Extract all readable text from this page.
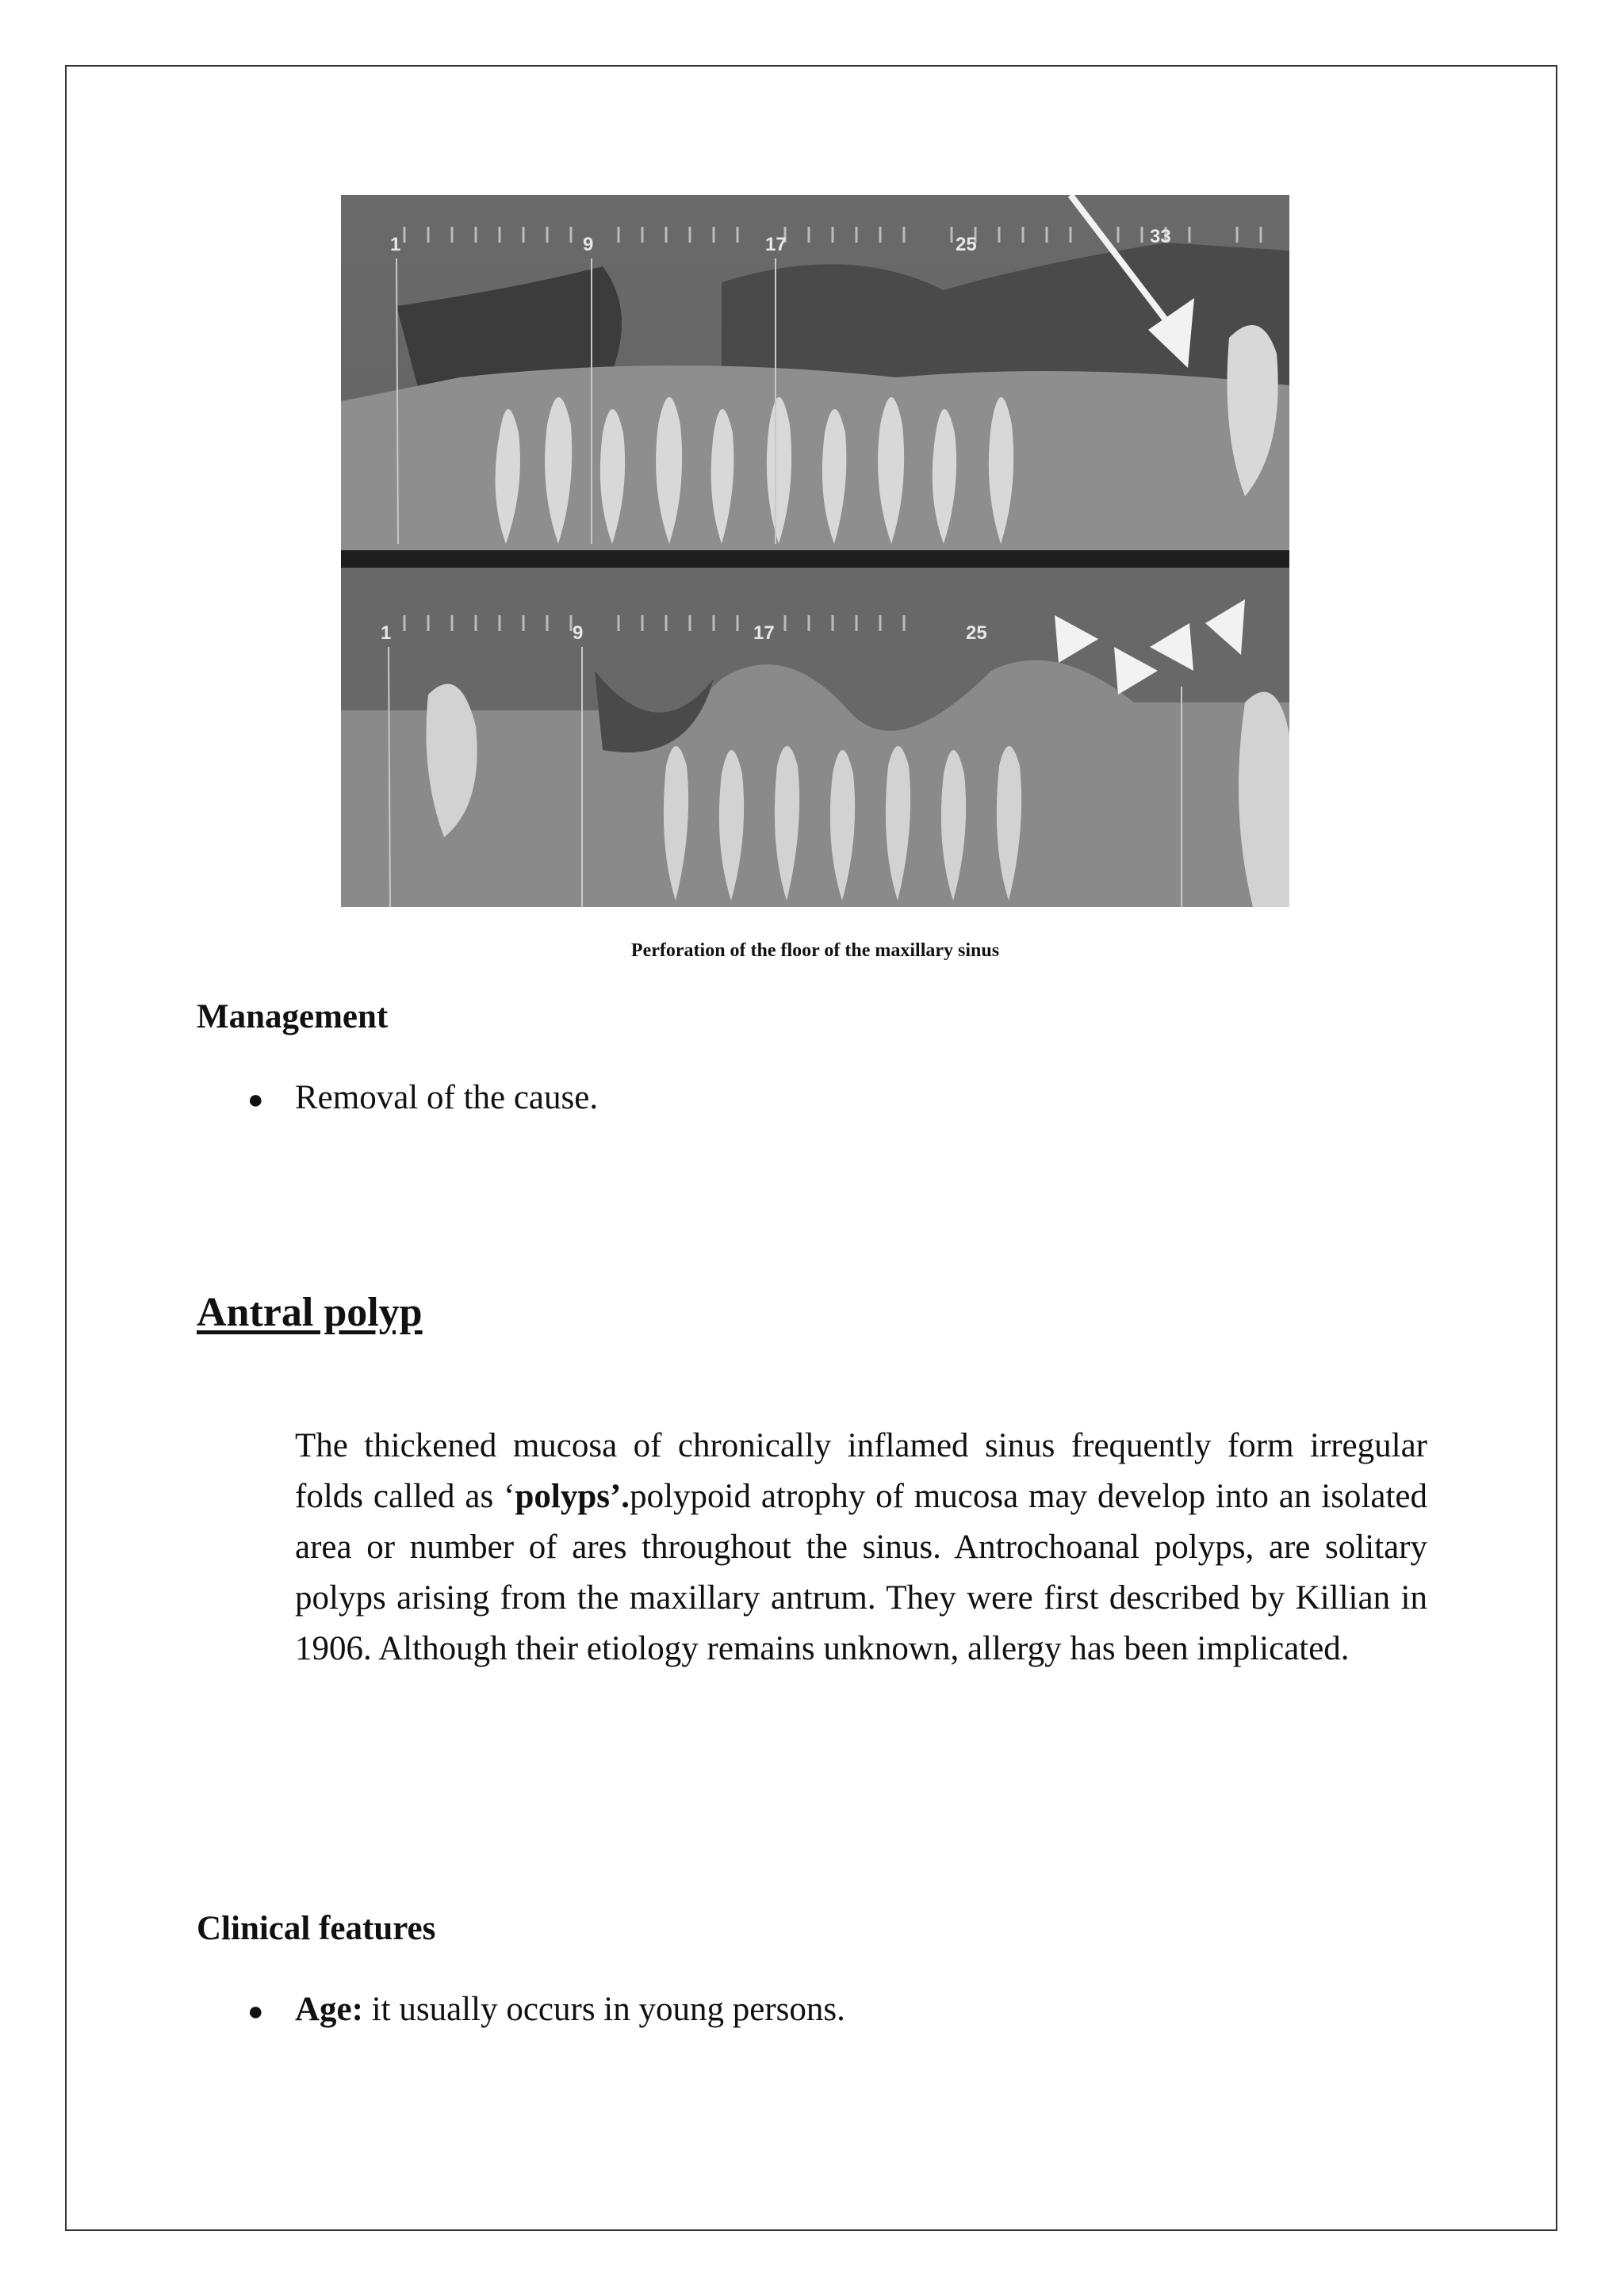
1	9	17	25	33
1	9	17	25
Perforation of the floor of the maxillary sinus
Management
● Removal of the cause.
Antral polyp
The thickened mucosa of chronically inflamed sinus frequently form irregular folds called as ‘polyps’.polypoid atrophy of mucosa may develop into an isolated area or number of ares throughout the sinus. Antrochoanal polyps, are solitary polyps arising from the maxillary antrum. They were first described by Killian in 1906. Although their etiology remains unknown, allergy has been implicated.
Clinical features
● Age: it usually occurs in young persons.
